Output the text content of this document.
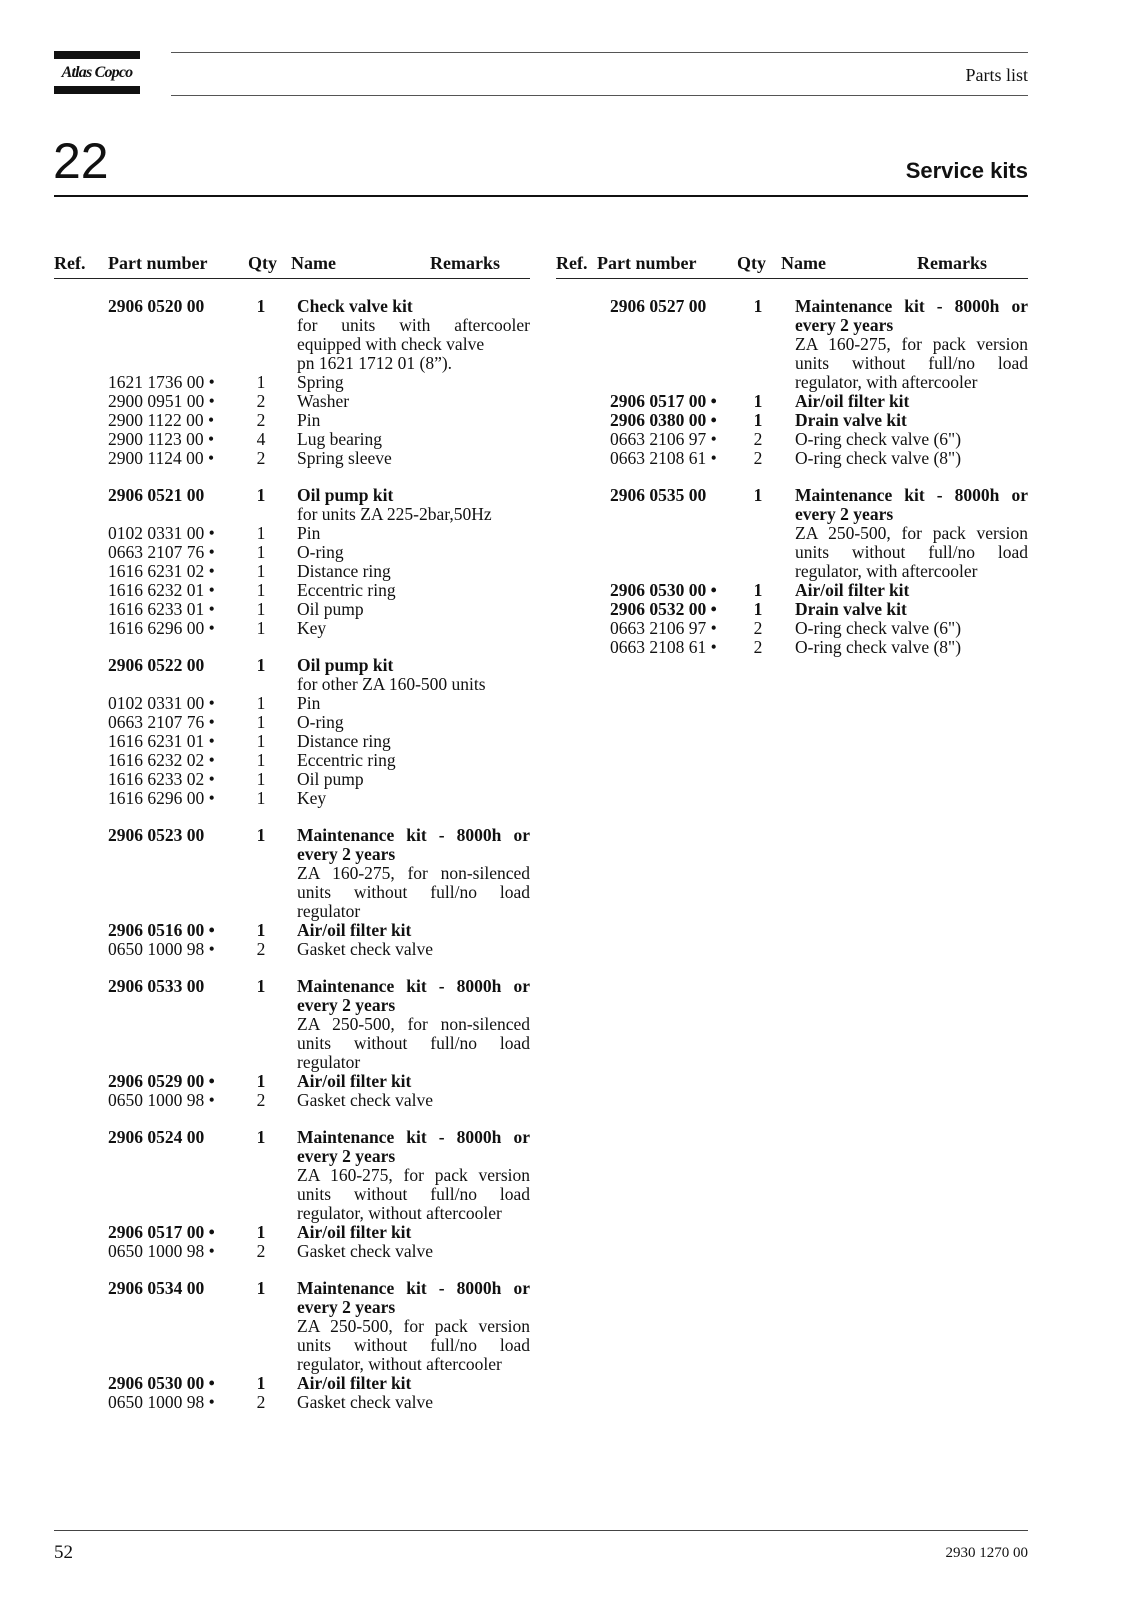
Atlas Copco	Parts list
22	Service kits
Ref. Part number Qty Name	Remarks
2906 0520 00	1 Check valve kit
for units with aftercooler
equipped with check valve
pn 1621 1712 01 (8”).
1621 1736 00 • 1 Spring
2900 0951 00 • 2 Washer
2900 1122 00 • 2 Pin
2900 1123 00 • 4 Lug bearing
2900 1124 00 • 2 Spring sleeve
2906 0521 00	1 Oil pump kit
for units ZA 225-2bar,50Hz
0102 0331 00 • 1 Pin
0663 2107 76 • 1 O-ring
1616 6231 02 • 1 Distance ring
1616 6232 01 • 1 Eccentric ring
1616 6233 01 • 1 Oil pump
1616 6296 00 • 1 Key
2906 0522 00	1 Oil pump kit
for other ZA 160-500 units
0102 0331 00 • 1 Pin
0663 2107 76 • 1 O-ring
1616 6231 01 • 1 Distance ring
1616 6232 02 • 1 Eccentric ring
1616 6233 02 • 1 Oil pump
1616 6296 00 • 1 Key
2906 0523 00	1 Maintenance kit - 8000h or
every 2 years
ZA 160-275, for non-silenced
units without full/no load
regulator
2906 0516 00 • 1 Air/oil filter kit
0650 1000 98 • 2 Gasket check valve
2906 0533 00	1 Maintenance kit - 8000h or
every 2 years
ZA 250-500, for non-silenced
units without full/no load
regulator
2906 0529 00 • 1 Air/oil filter kit
0650 1000 98 • 2 Gasket check valve
2906 0524 00	1 Maintenance kit - 8000h or
every 2 years
ZA 160-275, for pack version
units without full/no load
regulator, without aftercooler
2906 0517 00 • 1 Air/oil filter kit
0650 1000 98 • 2 Gasket check valve
2906 0534 00	1 Maintenance kit - 8000h or
every 2 years
ZA 250-500, for pack version
units without full/no load
regulator, without aftercooler
2906 0530 00 • 1 Air/oil filter kit
0650 1000 98 • 2 Gasket check valve
Ref. Part number Qty Name	Remarks
2906 0527 00	1 Maintenance kit - 8000h or
every 2 years
ZA 160-275, for pack version
units without full/no load
regulator, with aftercooler
2906 0517 00 • 1 Air/oil filter kit
2906 0380 00 • 1 Drain valve kit
0663 2106 97 • 2 O-ring check valve (6")
0663 2108 61 • 2 O-ring check valve (8")
2906 0535 00	1 Maintenance kit - 8000h or
every 2 years
ZA 250-500, for pack version
units without full/no load
regulator, with aftercooler
2906 0530 00 • 1 Air/oil filter kit
2906 0532 00 • 1 Drain valve kit
0663 2106 97 • 2 O-ring check valve (6")
0663 2108 61 • 2 O-ring check valve (8")
52	2930 1270 00
